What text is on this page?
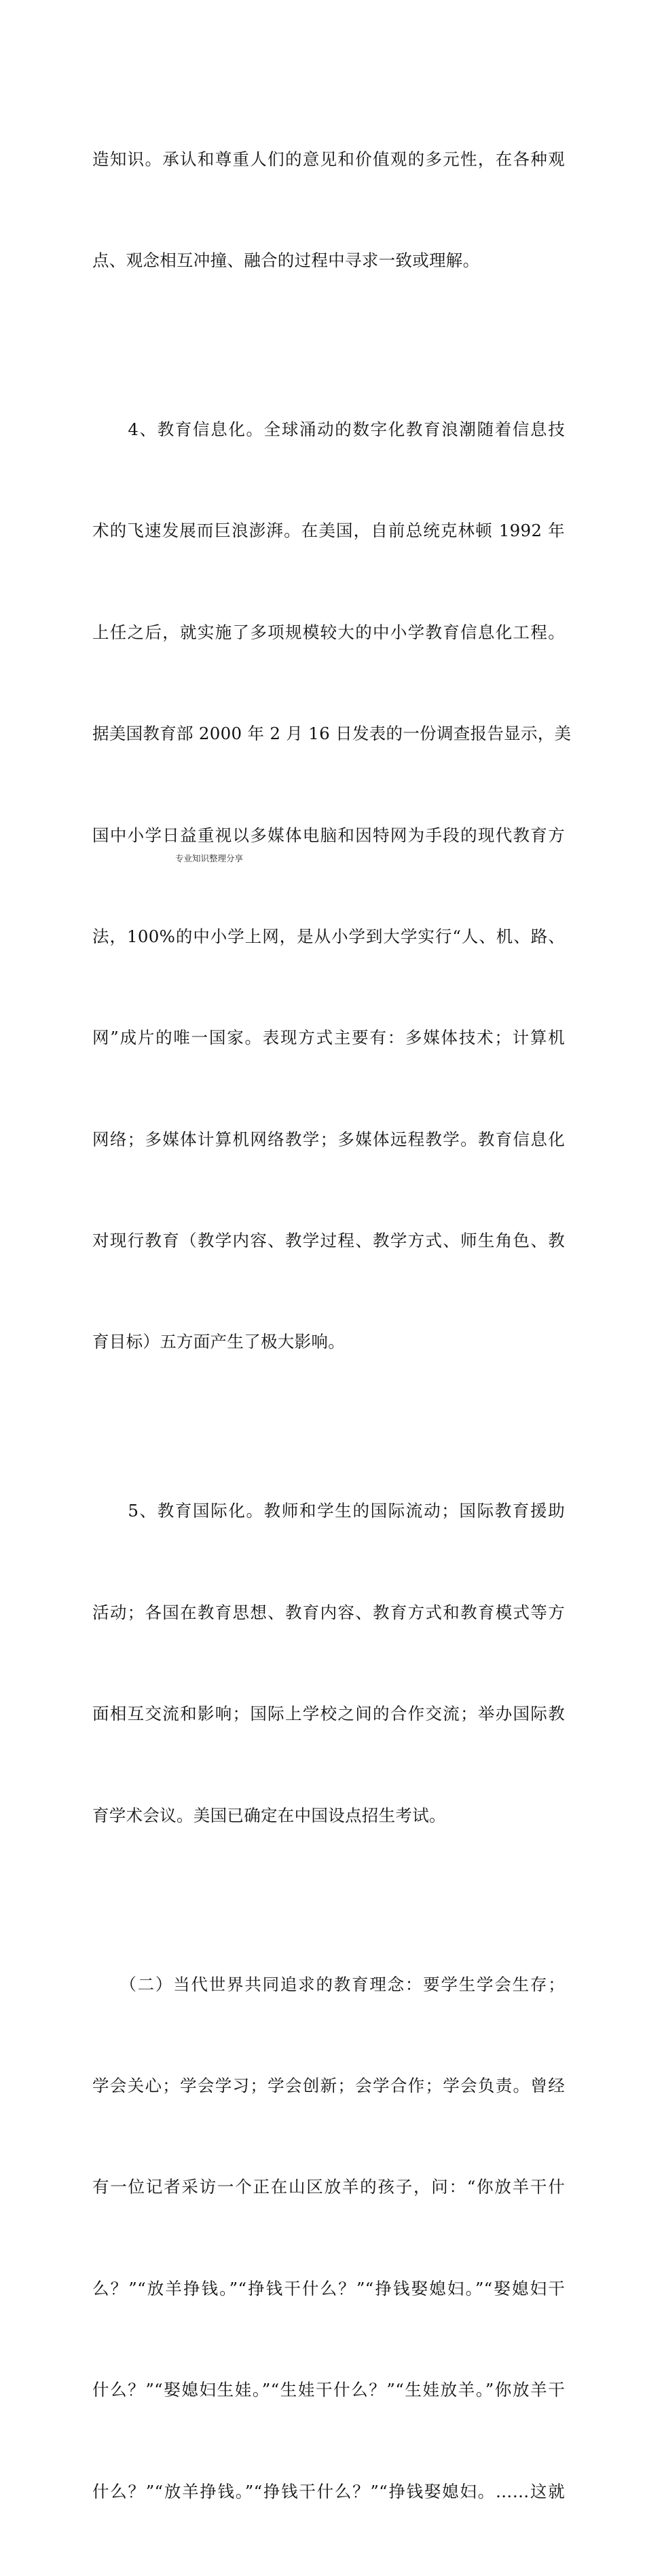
造知识。承认和尊重人们的意见和价值观的多元性，在各种观

点、观念相互冲撞、融合的过程中寻求一致或理解。

　　4、教育信息化。全球涌动的数字化教育浪潮随着信息技

术的飞速发展而巨浪澎湃。在美国，自前总统克林顿 1992 年

上任之后，就实施了多项规模较大的中小学教育信息化工程。

据美国教育部 2000 年 2 月 16 日发表的一份调查报告显示，美

国中小学日益重视以多媒体电脑和因特网为手段的现代教育方

法，100%的中小学上网，是从小学到大学实行“人、机、路、

网”成片的唯一国家。表现方式主要有：多媒体技术；计算机

网络；多媒体计算机网络教学；多媒体远程教学。教育信息化

对现行教育（教学内容、教学过程、教学方式、师生角色、教

育目标）五方面产生了极大影响。

　　5、教育国际化。教师和学生的国际流动；国际教育援助

活动；各国在教育思想、教育内容、教育方式和教育模式等方

面相互交流和影响；国际上学校之间的合作交流；举办国际教

育学术会议。美国已确定在中国设点招生考试。

　　（二）当代世界共同追求的教育理念：要学生学会生存；

学会关心；学会学习；学会创新；会学合作；学会负责。曾经

有一位记者采访一个正在山区放羊的孩子，问：“你放羊干什

么？”“放羊挣钱。”“挣钱干什么？”“挣钱娶媳妇。”“娶媳妇干

什么？”“娶媳妇生娃。”“生娃干什么？”“生娃放羊。”你放羊干

什么？”“放羊挣钱。”“挣钱干什么？”“挣钱娶媳妇。……这就

专业知识整理分享
